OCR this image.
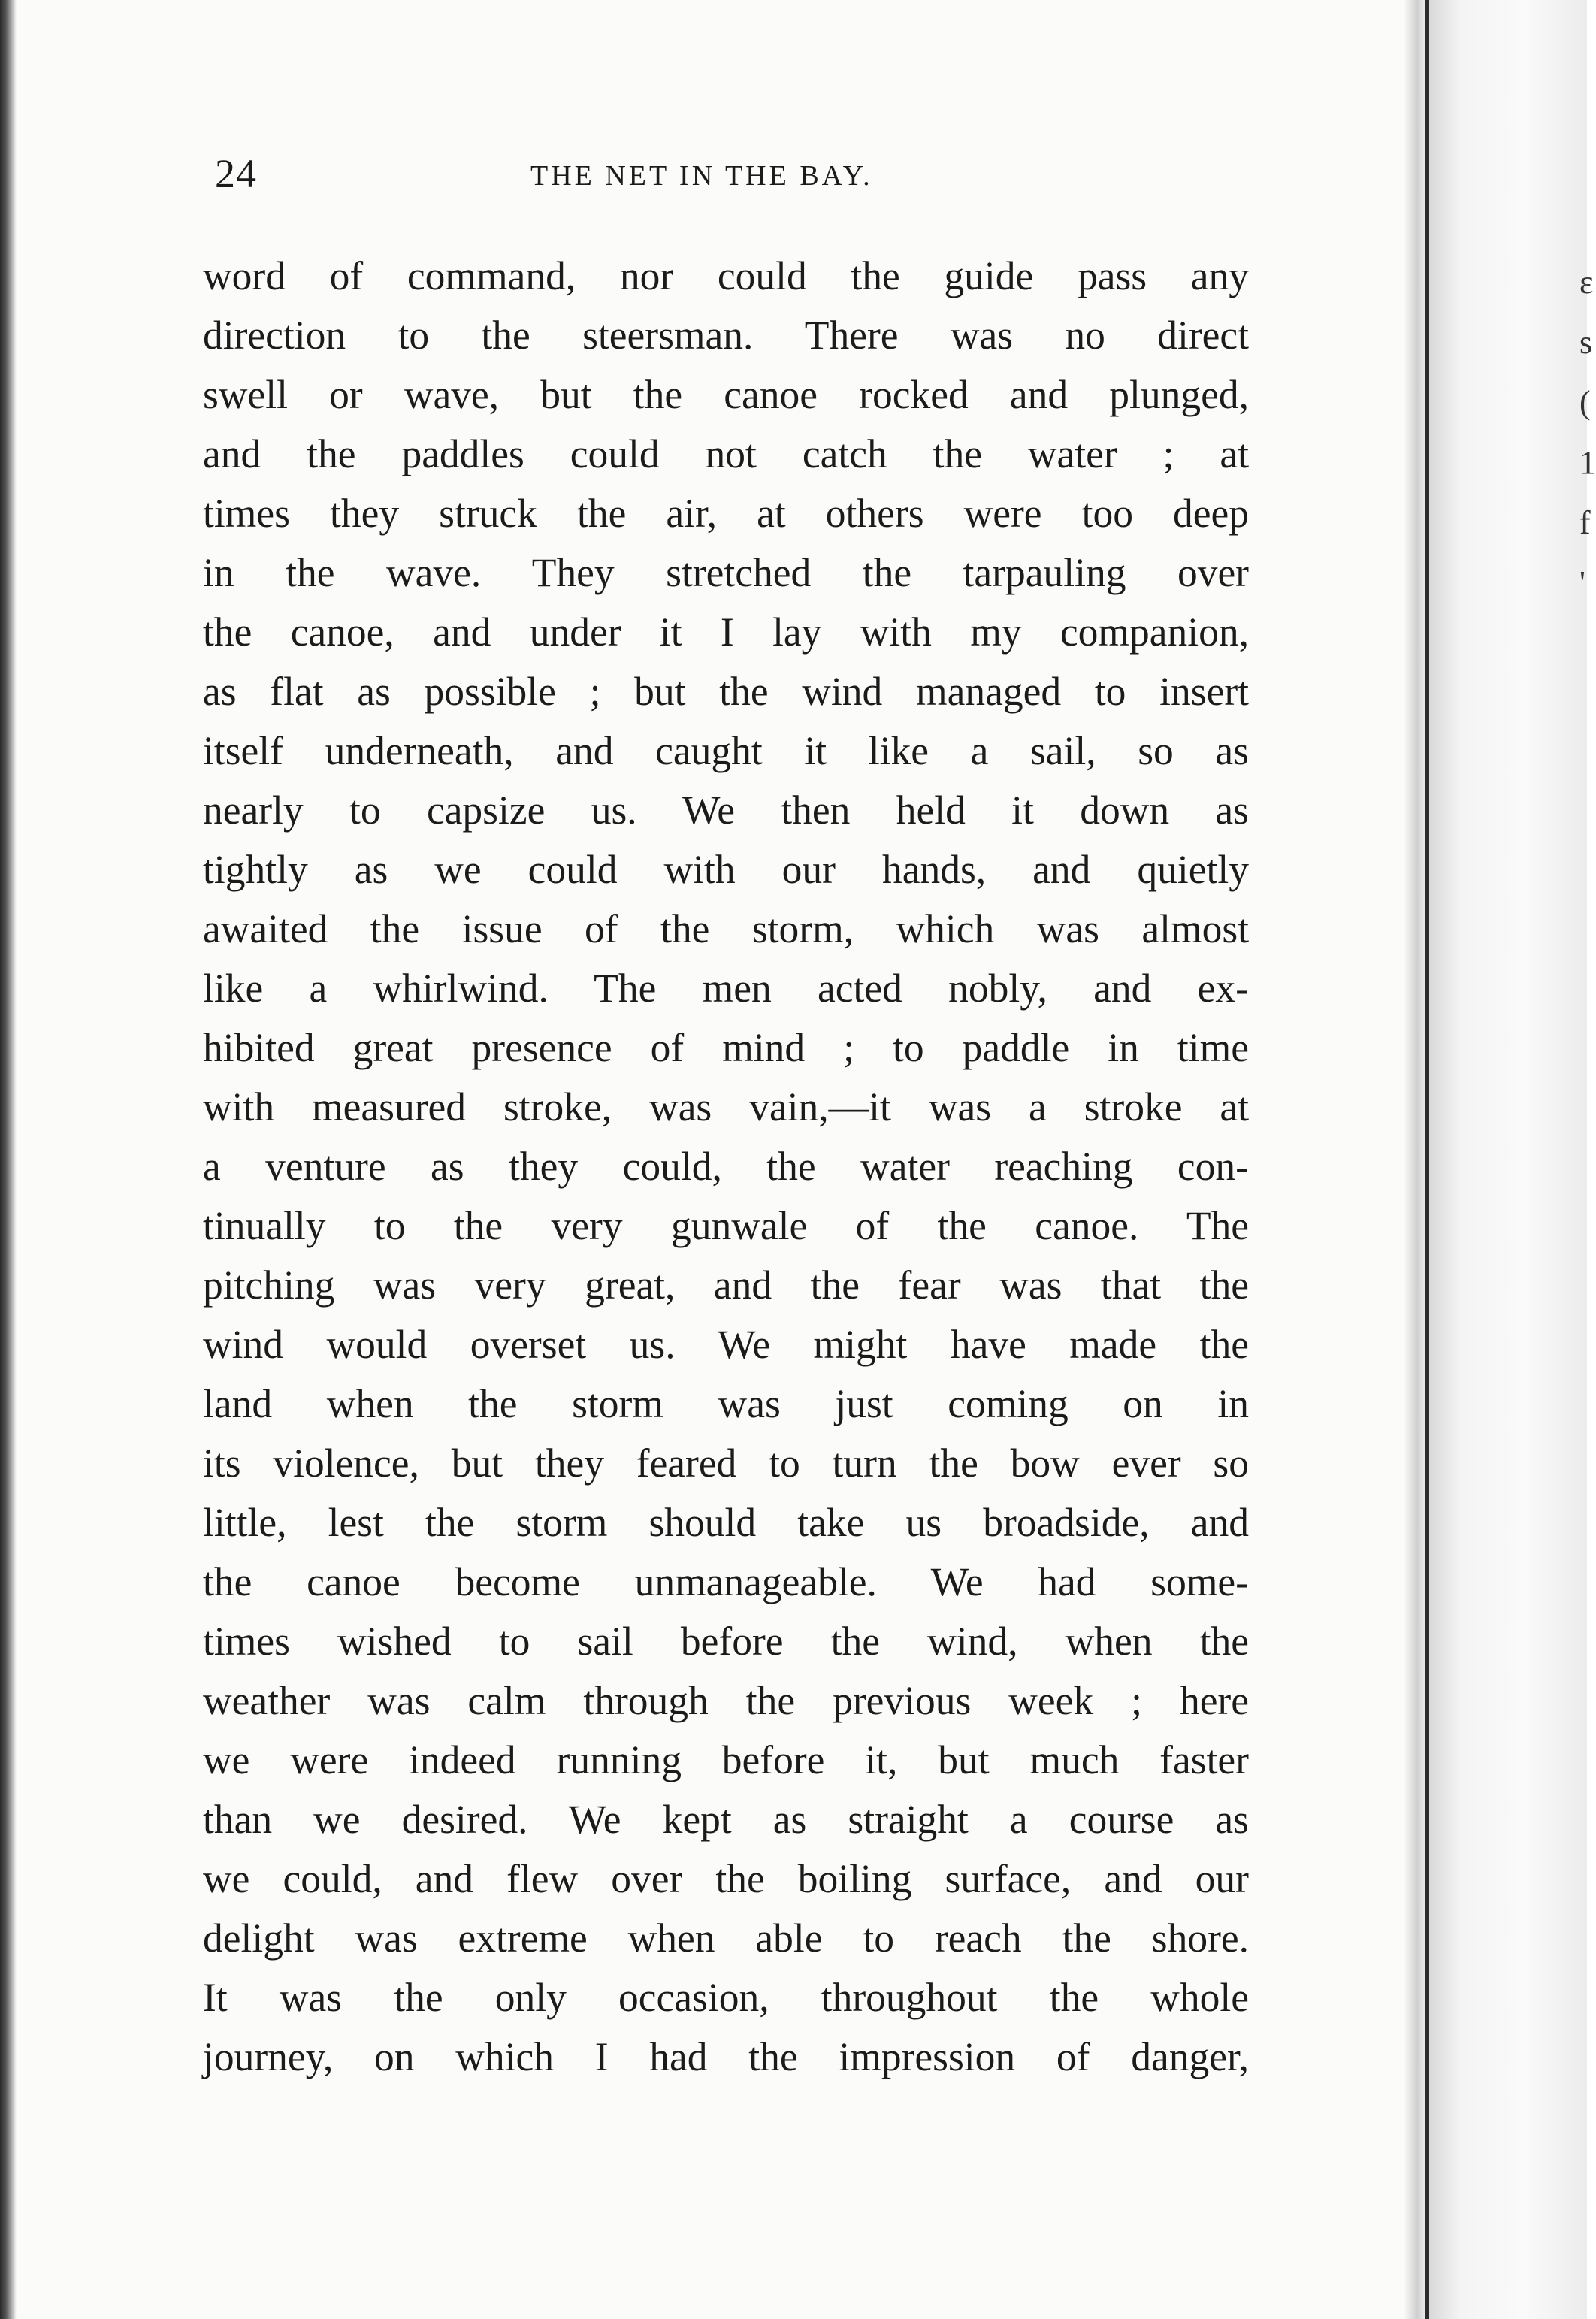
24	THE NET IN THE BAY.
word of command, nor could the guide pass any
direction to the steersman. There was no direct
swell or wave, but the canoe rocked and plunged,
and the paddles could not catch the water ; at
times they struck the air, at others were too deep
in the wave. They stretched the tarpauling over
the canoe, and under it I lay with my companion,
as flat as possible ; but the wind managed to insert
itself underneath, and caught it like a sail, so as
nearly to capsize us. We then held it down as
tightly as we could with our hands, and quietly
awaited the issue of the storm, which was almost
like a whirlwind. The men acted nobly, and ex-
hibited great presence of mind ; to paddle in time
with measured stroke, was vain,—it was a stroke at
a venture as they could, the water reaching con-
tinually to the very gunwale of the canoe. The
pitching was very great, and the fear was that the
wind would overset us. We might have made the
land when the storm was just coming on in
its violence, but they feared to turn the bow ever so
little, lest the storm should take us broadside, and
the canoe become unmanageable. We had some-
times wished to sail before the wind, when the
weather was calm through the previous week ; here
we were indeed running before it, but much faster
than we desired. We kept as straight a course as
we could, and flew over the boiling surface, and our
delight was extreme when able to reach the shore.
It was the only occasion, throughout the whole
journey, on which I had the impression of danger,
ε
s
(
1
f
'
